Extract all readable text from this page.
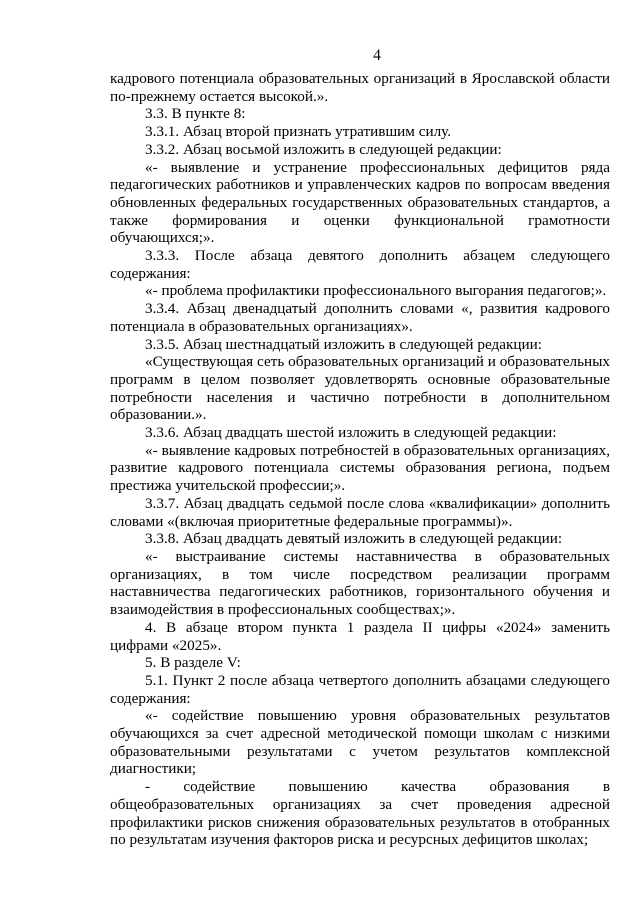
4

кадрового потенциала образовательных организаций в Ярославской области по-прежнему остается высокой.».

3.3. В пункте 8:

3.3.1. Абзац второй признать утратившим силу.

3.3.2. Абзац восьмой изложить в следующей редакции:

«- выявление и устранение профессиональных дефицитов ряда педагогических работников и управленческих кадров по вопросам введения обновленных федеральных государственных образовательных стандартов, а также формирования и оценки функциональной грамотности обучающихся;».

3.3.3. После абзаца девятого дополнить абзацем следующего содержания:

«- проблема профилактики профессионального выгорания педагогов;».

3.3.4. Абзац двенадцатый дополнить словами «, развития кадрового потенциала в образовательных организациях».

3.3.5. Абзац шестнадцатый изложить в следующей редакции:

«Существующая сеть образовательных организаций и образовательных программ в целом позволяет удовлетворять основные образовательные потребности населения и частично потребности в дополнительном образовании.».

3.3.6. Абзац двадцать шестой изложить в следующей редакции:

«- выявление кадровых потребностей в образовательных организациях, развитие кадрового потенциала системы образования региона, подъем престижа учительской профессии;».

3.3.7. Абзац двадцать седьмой после слова «квалификации» дополнить словами «(включая приоритетные федеральные программы)».

3.3.8. Абзац двадцать девятый изложить в следующей редакции:

«- выстраивание системы наставничества в образовательных организациях, в том числе посредством реализации программ наставничества педагогических работников, горизонтального обучения и взаимодействия в профессиональных сообществах;».

4. В абзаце втором пункта 1 раздела II цифры «2024» заменить цифрами «2025».

5. В разделе V:

5.1. Пункт 2 после абзаца четвертого дополнить абзацами следующего содержания:

«- содействие повышению уровня образовательных результатов обучающихся за счет адресной методической помощи школам с низкими образовательными результатами с учетом результатов комплексной диагностики;

- содействие повышению качества образования в общеобразовательных организациях за счет проведения адресной профилактики рисков снижения образовательных результатов в отобранных по результатам изучения факторов риска и ресурсных дефицитов школах;
